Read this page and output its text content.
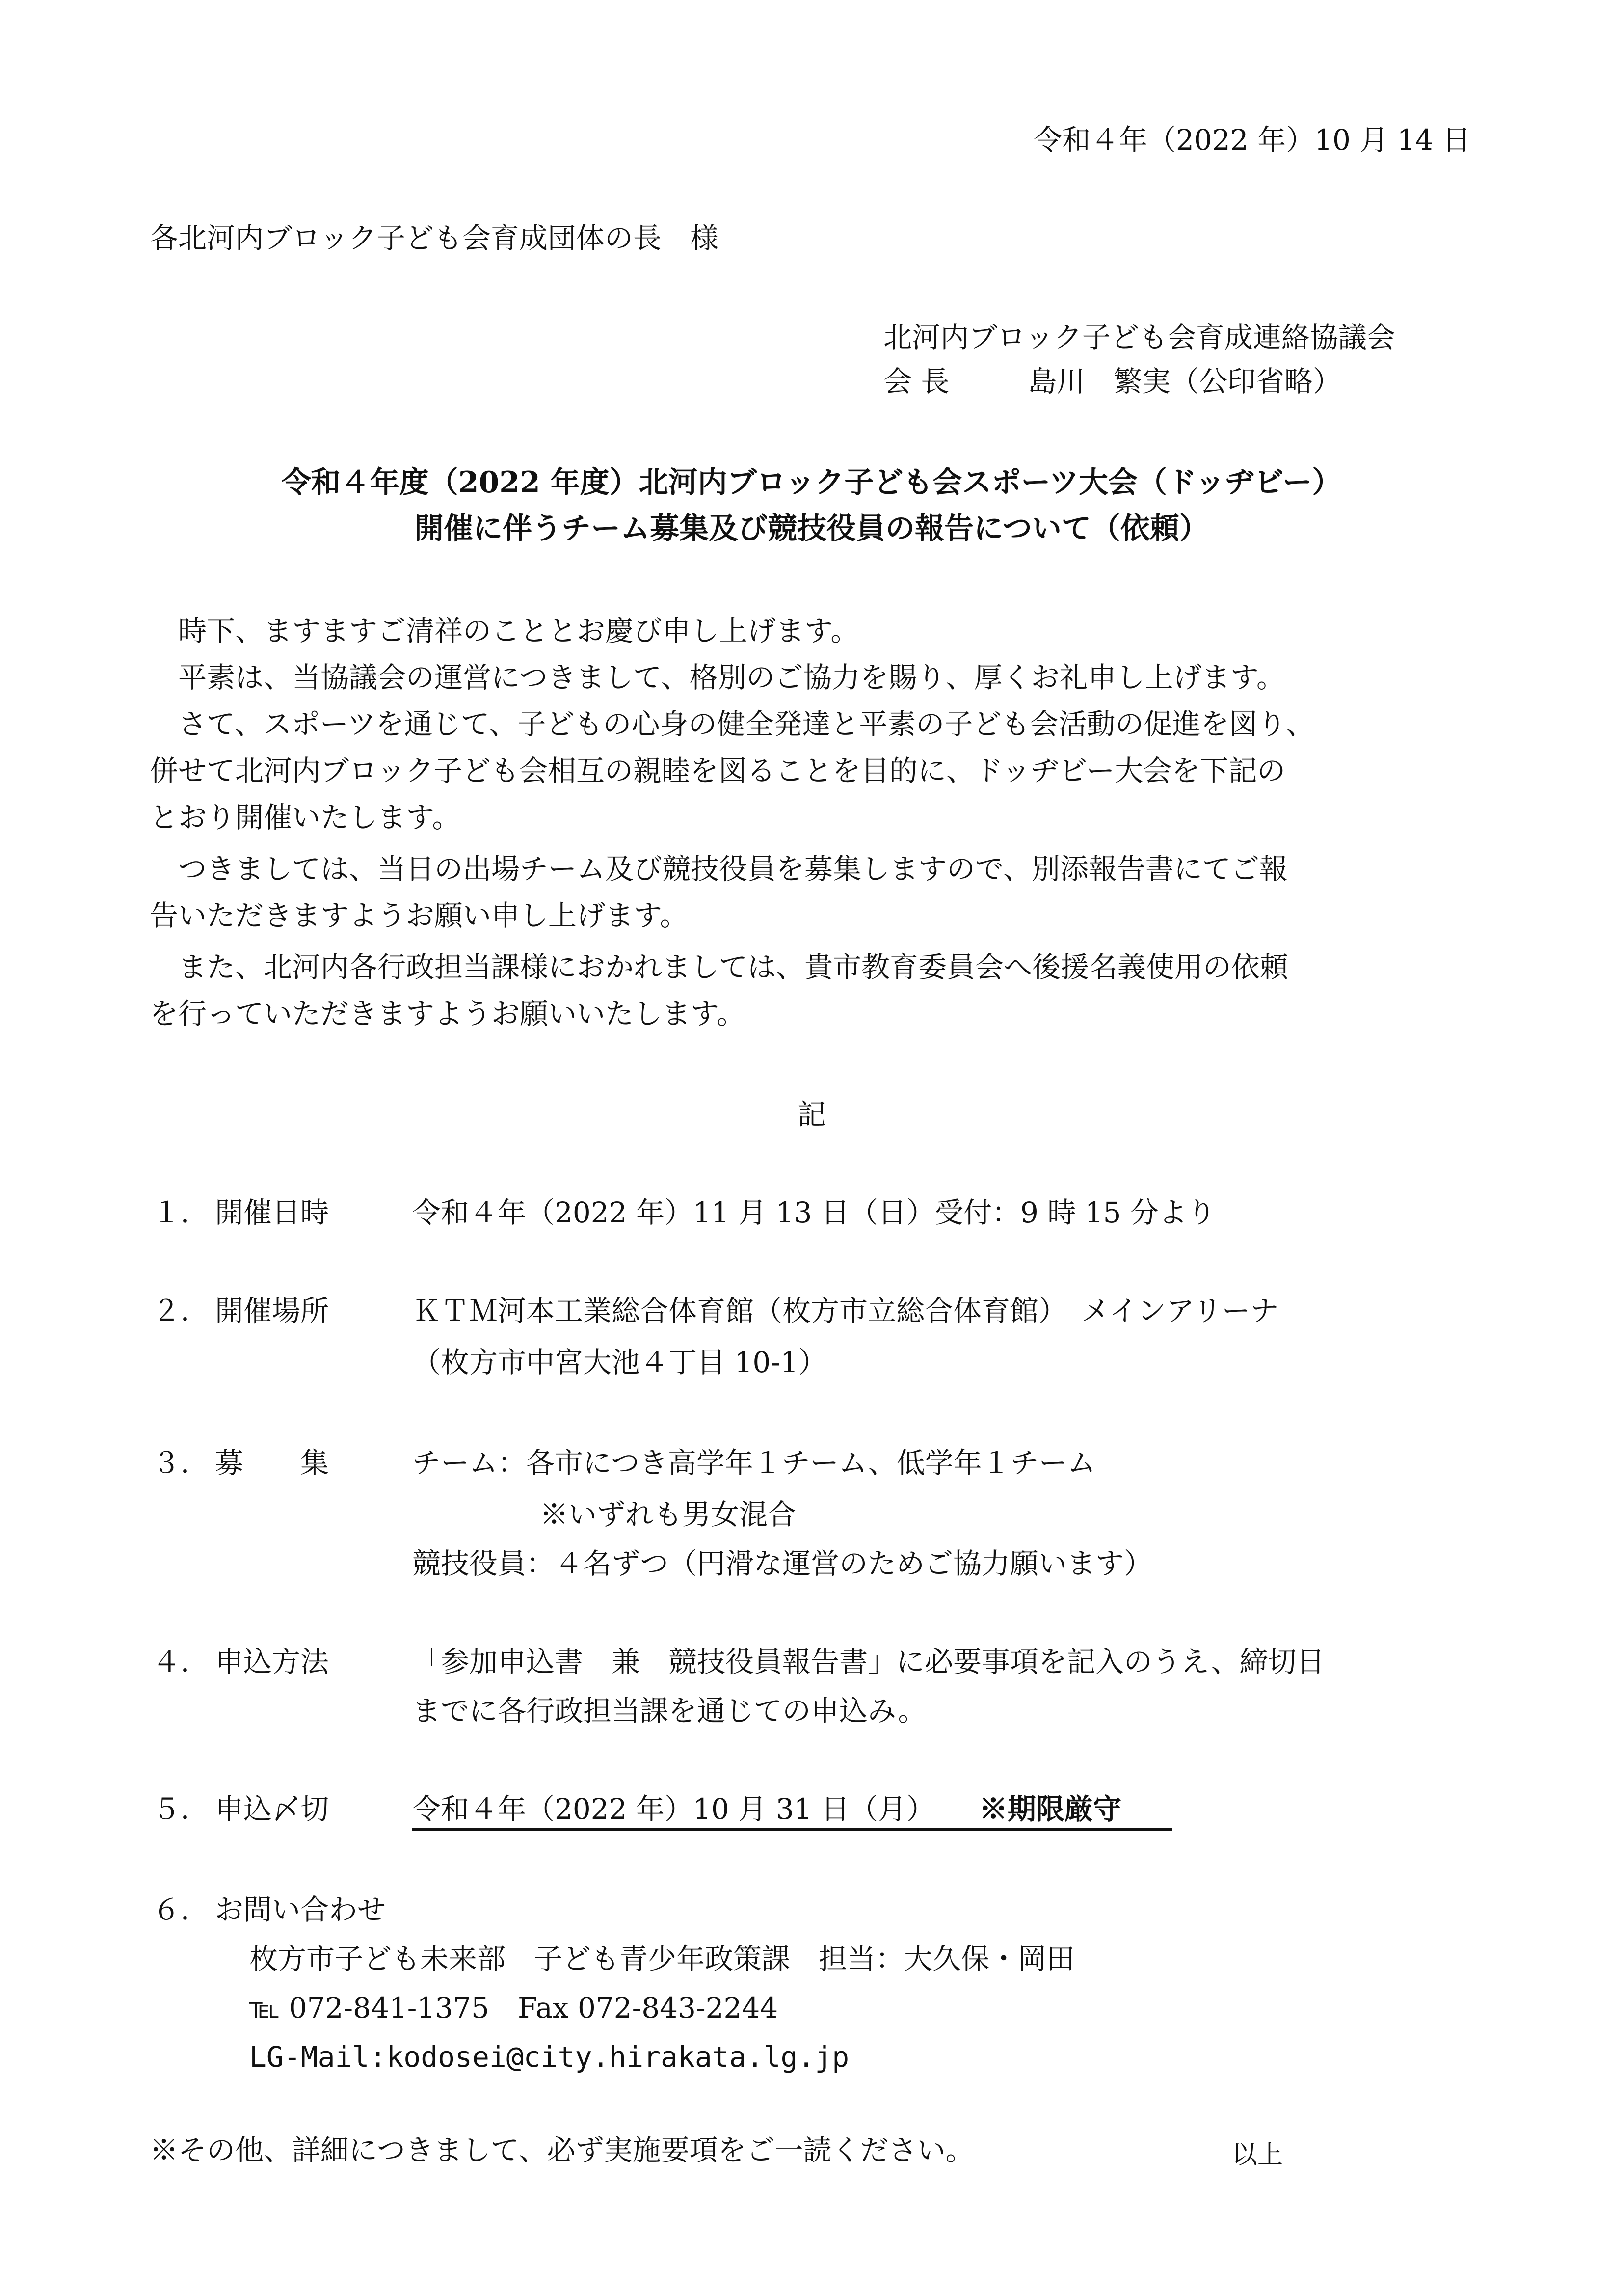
令和４年（2022 年）10 月 14 日
各北河内ブロック子ども会育成団体の長　様
北河内ブロック子ども会育成連絡協議会
会 長	島川　繁実（公印省略）
令和４年度（2022 年度）北河内ブロック子ども会スポーツ大会（ドッヂビー）
開催に伴うチーム募集及び競技役員の報告について（依頼）
　時下、ますますご清祥のこととお慶び申し上げます。
　平素は、当協議会の運営につきまして、格別のご協力を賜り、厚くお礼申し上げます。
　さて、スポーツを通じて、子どもの心身の健全発達と平素の子ども会活動の促進を図り、
併せて北河内ブロック子ども会相互の親睦を図ることを目的に、ドッヂビー大会を下記の
とおり開催いたします。
　つきましては、当日の出場チーム及び競技役員を募集しますので、別添報告書にてご報
告いただきますようお願い申し上げます。
　また、北河内各行政担当課様におかれましては、貴市教育委員会へ後援名義使用の依頼
を行っていただきますようお願いいたします。
記
１． 開催日時	令和４年（2022 年）11 月 13 日（日）受付：9 時 15 分より
２． 開催場所	ＫＴＭ河本工業総合体育館（枚方市立総合体育館）　メインアリーナ
（枚方市中宮大池４丁目 10-1）
３． 募　　集	チーム：各市につき高学年１チーム、低学年１チーム
※いずれも男女混合
競技役員：４名ずつ（円滑な運営のためご協力願います）
４． 申込方法	「参加申込書　兼　競技役員報告書」に必要事項を記入のうえ、締切日
までに各行政担当課を通じての申込み。
５． 申込〆切	令和４年（2022 年）10 月 31 日（月） ※期限厳守
６． お問い合わせ
枚方市子ども未来部　子ども青少年政策課　担当：大久保・岡田
℡ 072-841-1375　Fax 072-843-2244
LG-Mail:kodosei@city.hirakata.lg.jp
※その他、詳細につきまして、必ず実施要項をご一読ください。	以上
